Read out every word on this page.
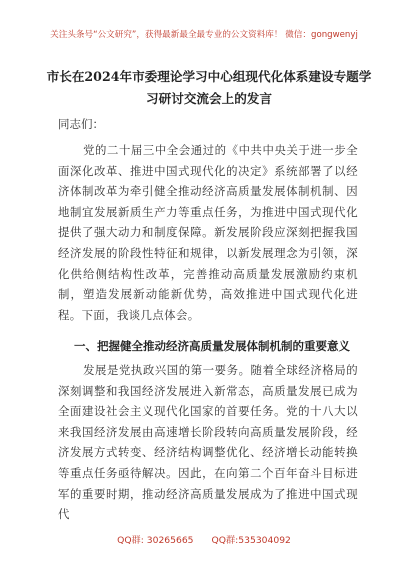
关注头条号“公文研究”，获得最新最全最专业的公文资料库！ 微信：gongwenyj
市长在2024年市委理论学习中心组现代化体系建设专题学
习研讨交流会上的发言
同志们：
党的二十届三中全会通过的《中共中央关于进一步全面深化改革、推进中国式现代化的决定》系统部署了以经济体制改革为牵引健全推动经济高质量发展体制机制、因地制宜发展新质生产力等重点任务，为推进中国式现代化提供了强大动力和制度保障。新发展阶段应深刻把握我国经济发展的阶段性特征和规律，以新发展理念为引领，深化供给侧结构性改革，完善推动高质量发展激励约束机制，塑造发展新动能新优势，高效推进中国式现代化进程。下面，我谈几点体会。
一、把握健全推动经济高质量发展体制机制的重要意义
发展是党执政兴国的第一要务。随着全球经济格局的深刻调整和我国经济发展进入新常态，高质量发展已成为全面建设社会主义现代化国家的首要任务。党的十八大以来我国经济发展由高速增长阶段转向高质量发展阶段，经济发展方式转变、经济结构调整优化、经济增长动能转换等重点任务亟待解决。因此，在向第二个百年奋斗目标进军的重要时期，推动经济高质量发展成为了推进中国式现代
QQ群: 30265665 QQ群:535304092
